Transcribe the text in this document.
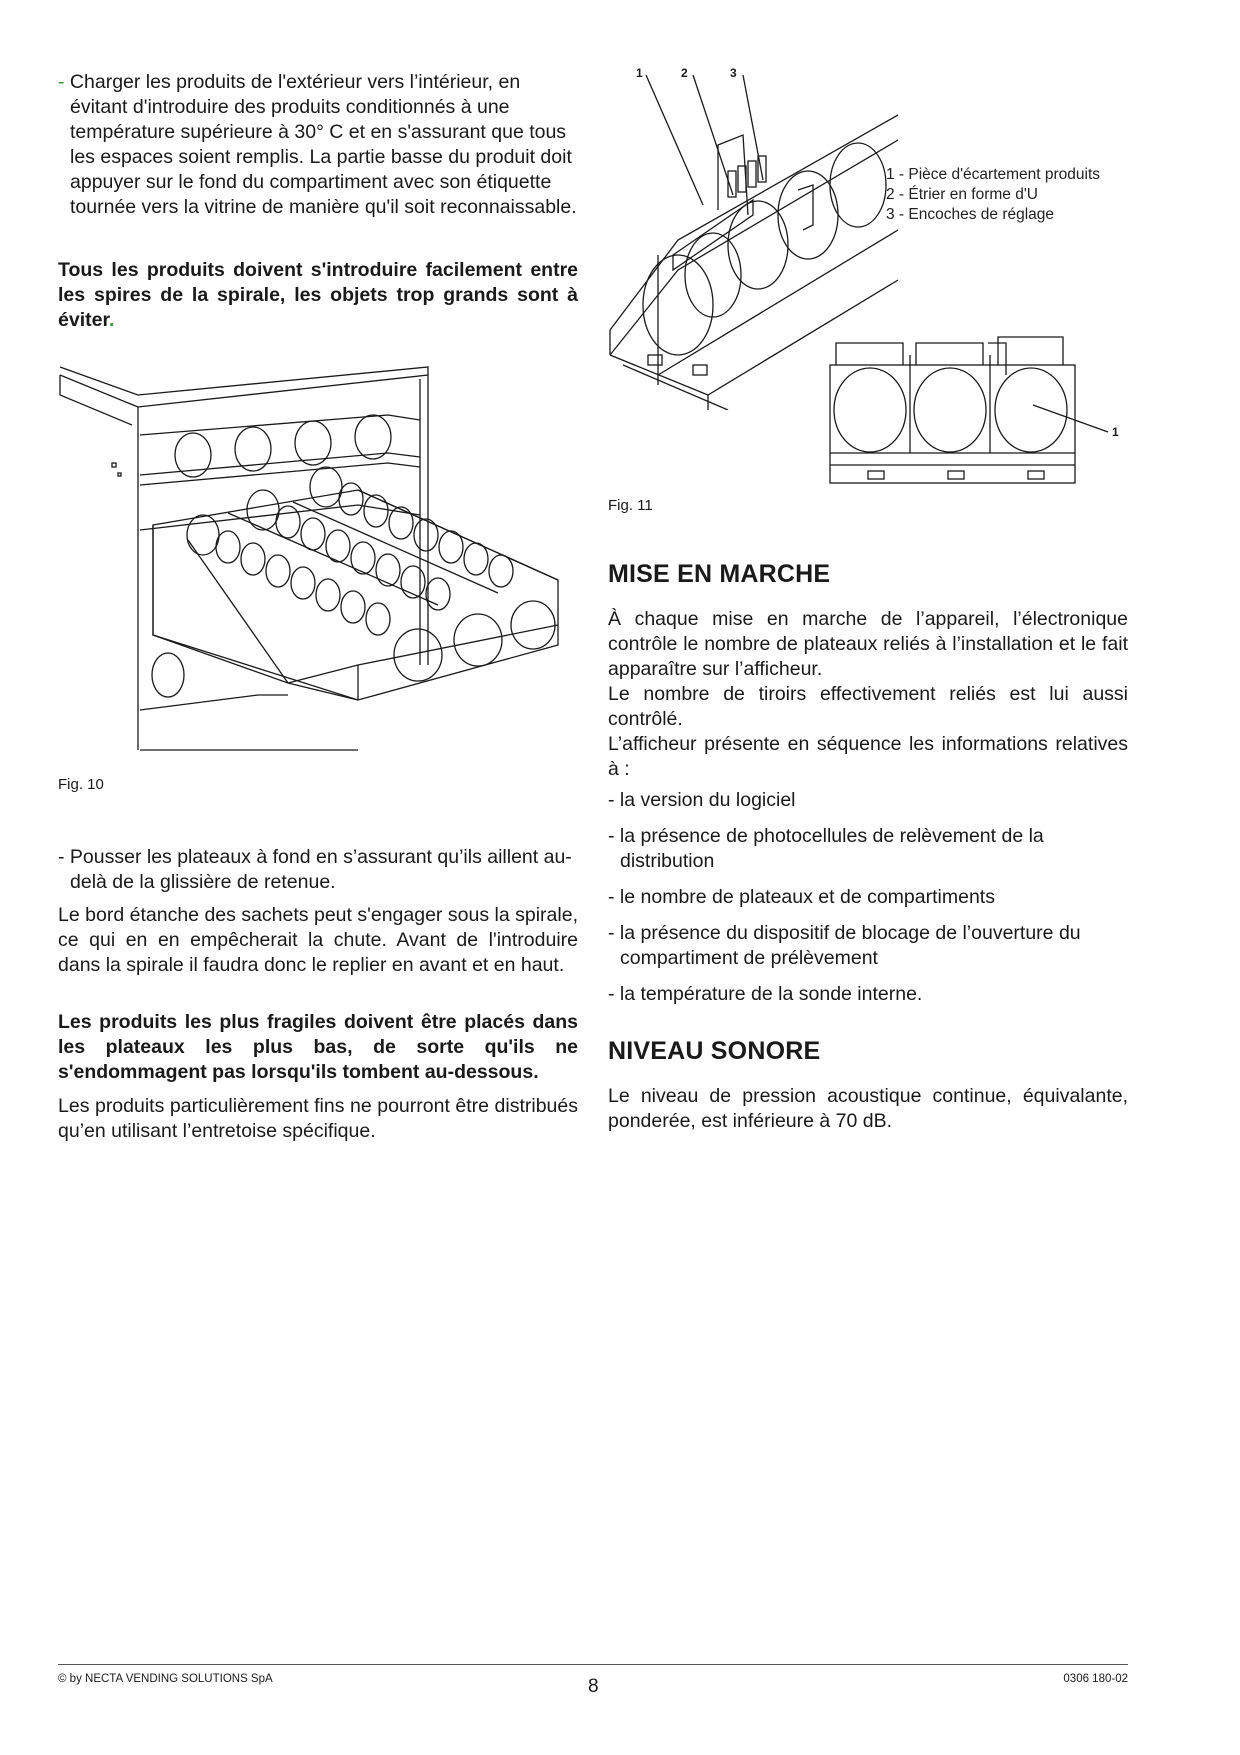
- Charger les produits de l'extérieur vers l’intérieur, en évitant d'introduire des produits conditionnés à une température supérieure à 30° C et en s'assurant que tous les espaces soient remplis. La partie basse du produit doit appuyer sur le fond du compartiment avec son étiquette tournée vers la vitrine de manière qu'il soit reconnaissable.

Tous les produits doivent s'introduire facilement entre les spires de la spirale, les objets trop grands sont à éviter.
Fig. 10

- Pousser les plateaux à fond en s’assurant qu’ils aillent au-delà de la glissière de retenue.

Le bord étanche des sachets peut s'engager sous la spirale, ce qui en en empêcherait la chute. Avant de l'introduire dans la spirale il faudra donc le replier en avant et en haut.
Les produits les plus fragiles doivent être placés dans les plateaux les plus bas, de sorte qu'ils ne s'endommagent pas lorsqu'ils tombent au-dessous.
Les produits particulièrement fins ne pourront être distribués qu’en utilisant l’entretoise spécifique.
1	2	3
1 - Pièce d'écartement produits
2 - Étrier en forme d'U
3 - Encoches de réglage
1
Fig. 11
MISE EN MARCHE

À chaque mise en marche de l’appareil, l’électronique contrôle le nombre de plateaux reliés à l’installation et le fait apparaître sur l’afficheur.

Le nombre de tiroirs effectivement reliés est lui aussi contrôlé.

L’afficheur présente en séquence les informations relatives à :

- la version du logiciel

- la présence de photocellules de relèvement de la distribution

- le nombre de plateaux et de compartiments

- la présence du dispositif de blocage de l’ouverture du compartiment de prélèvement

- la température de la sonde interne.

NIVEAU SONORE
Le niveau de pression acoustique continue, équivalante, ponderée, est inférieure à 70 dB.
© by NECTA VENDING SOLUTIONS SpA	8	0306 180-02
